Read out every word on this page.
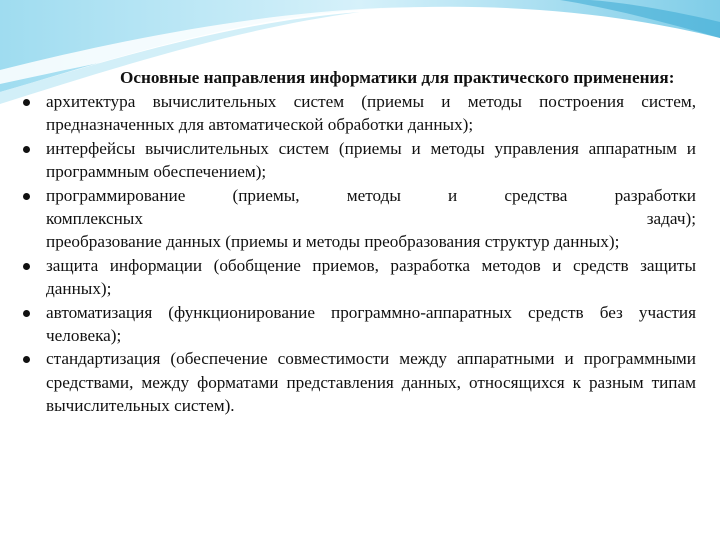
Основные направления информатики для практического применения:

архитектура вычислительных систем (приемы и методы построения систем, предназначенных для автоматической обработки данных);
интерфейсы вычислительных систем (приемы и методы управления аппаратным и программным обеспечением);
программирование (приемы, методы и средства разработки
комплексных задач);
преобразование данных (приемы и методы преобразования структур данных);
защита информации (обобщение приемов, разработка методов и средств защиты данных);
автоматизация (функционирование программно-аппаратных средств без участия человека);
стандартизация (обеспечение совместимости между аппаратными и программными средствами, между форматами представления данных, относящихся к разным типам вычислительных систем).
